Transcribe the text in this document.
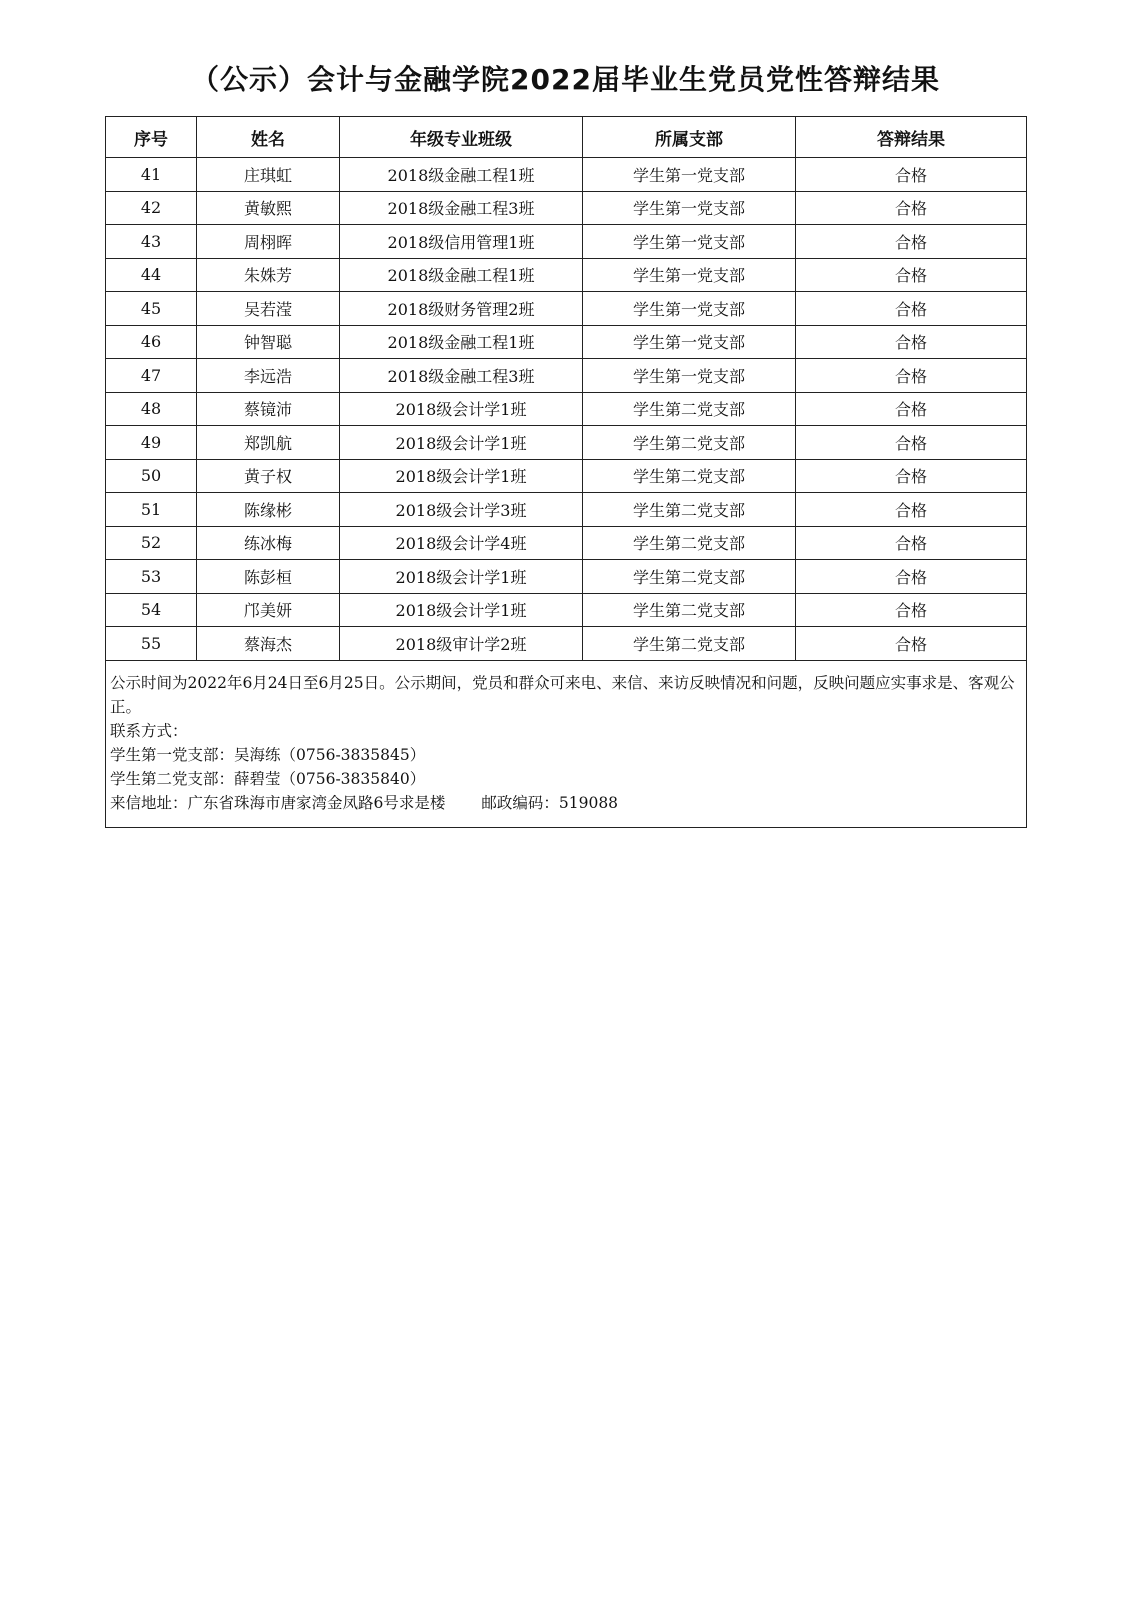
（公示）会计与金融学院2022届毕业生党员党性答辩结果
序号	姓名	年级专业班级	所属支部	答辩结果
41	庄琪虹	2018级金融工程1班	学生第一党支部	合格
42	黄敏熙	2018级金融工程3班	学生第一党支部	合格
43	周栩晖	2018级信用管理1班	学生第一党支部	合格
44	朱姝芳	2018级金融工程1班	学生第一党支部	合格
45	吴若滢	2018级财务管理2班	学生第一党支部	合格
46	钟智聪	2018级金融工程1班	学生第一党支部	合格
47	李远浩	2018级金融工程3班	学生第一党支部	合格
48	蔡镜沛	2018级会计学1班	学生第二党支部	合格
49	郑凯航	2018级会计学1班	学生第二党支部	合格
50	黄子权	2018级会计学1班	学生第二党支部	合格
51	陈缘彬	2018级会计学3班	学生第二党支部	合格
52	练冰梅	2018级会计学4班	学生第二党支部	合格
53	陈彭桓	2018级会计学1班	学生第二党支部	合格
54	邝美妍	2018级会计学1班	学生第二党支部	合格
55	蔡海杰	2018级审计学2班	学生第二党支部	合格

公示时间为2022年6月24日至6月25日。公示期间，党员和群众可来电、来信、来访反映情况和问题，反映问题应实事求是、客观公正。
联系方式：
学生第一党支部：吴海练（0756-3835845）
学生第二党支部：薛碧莹（0756-3835840）
来信地址：广东省珠海市唐家湾金凤路6号求是楼 邮政编码：519088				
